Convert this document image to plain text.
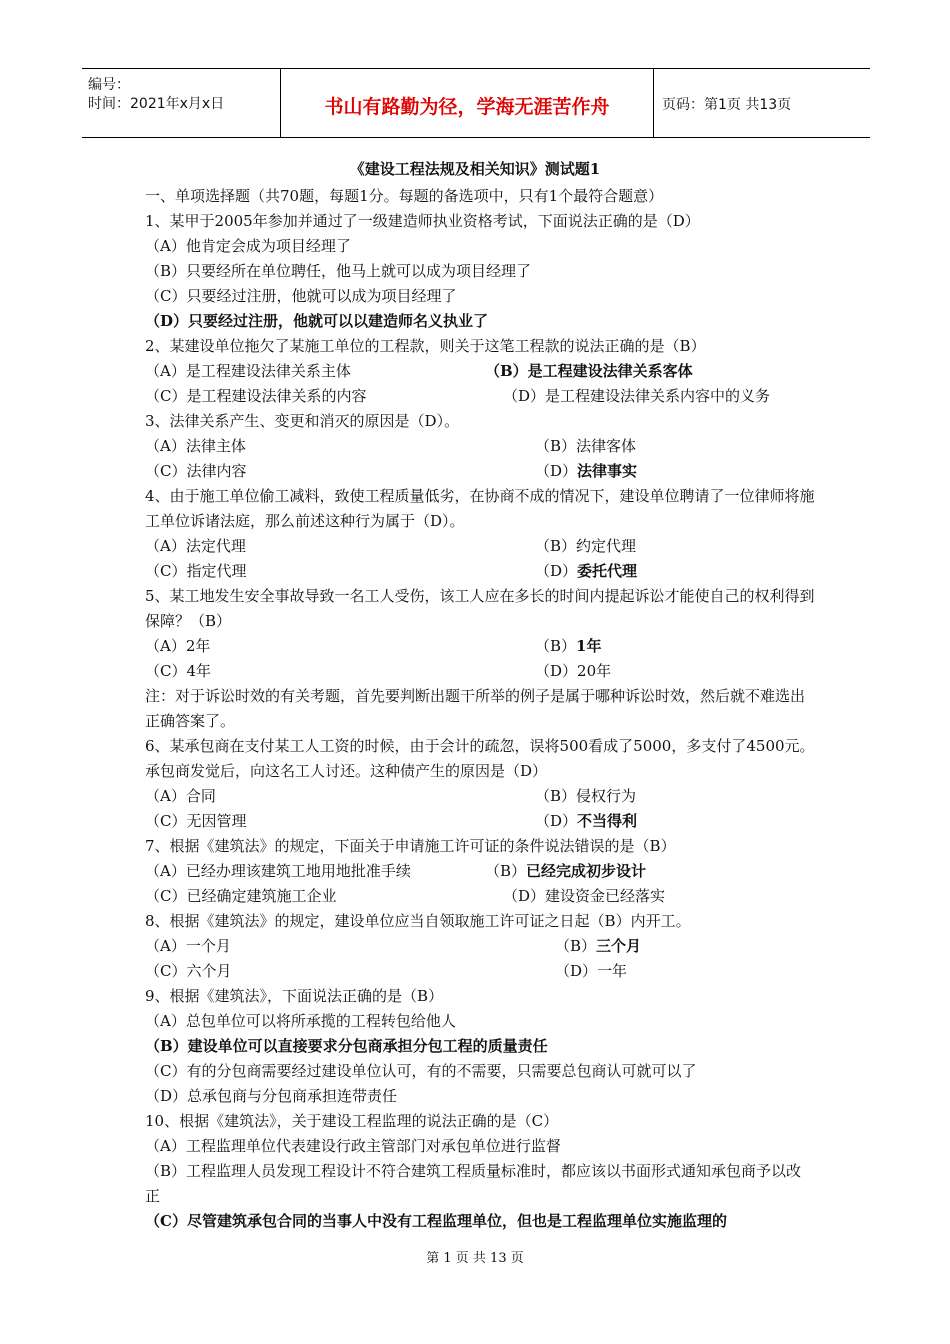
编号：
时间：2021年x月x日	书山有路勤为径，学海无涯苦作舟	页码：第1页 共13页
《建设工程法规及相关知识》测试题1
一、单项选择题（共70题，每题1分。每题的备选项中，只有1个最符合题意）
1、某甲于2005年参加并通过了一级建造师执业资格考试，下面说法正确的是（D）
（A）他肯定会成为项目经理了
（B）只要经所在单位聘任，他马上就可以成为项目经理了
（C）只要经过注册，他就可以成为项目经理了
（D）只要经过注册，他就可以以建造师名义执业了
2、某建设单位拖欠了某施工单位的工程款，则关于这笔工程款的说法正确的是（B）
（A）是工程建设法律关系主体	（B）是工程建设法律关系客体
（C）是工程建设法律关系的内容	（D）是工程建设法律关系内容中的义务
3、法律关系产生、变更和消灭的原因是（D）。
（A）法律主体	（B）法律客体
（C）法律内容	（D）法律事实
4、由于施工单位偷工减料，致使工程质量低劣，在协商不成的情况下，建设单位聘请了一位律师将施工单位诉诸法庭，那么前述这种行为属于（D）。
（A）法定代理	（B）约定代理
（C）指定代理	（D）委托代理
5、某工地发生安全事故导致一名工人受伤，该工人应在多长的时间内提起诉讼才能使自己的权利得到保障？（B）
（A）2年	（B）1年
（C）4年	（D）20年
注：对于诉讼时效的有关考题，首先要判断出题干所举的例子是属于哪种诉讼时效，然后就不难选出正确答案了。
6、某承包商在支付某工人工资的时候，由于会计的疏忽，误将500看成了5000，多支付了4500元。承包商发觉后，向这名工人讨还。这种债产生的原因是（D）
（A）合同	（B）侵权行为
（C）无因管理	（D）不当得利
7、根据《建筑法》的规定，下面关于申请施工许可证的条件说法错误的是（B）
（A）已经办理该建筑工地用地批准手续	（B）已经完成初步设计
（C）已经确定建筑施工企业	（D）建设资金已经落实
8、根据《建筑法》的规定，建设单位应当自领取施工许可证之日起（B）内开工。
（A）一个月	（B）三个月
（C）六个月	（D）一年
9、根据《建筑法》，下面说法正确的是（B）
（A）总包单位可以将所承揽的工程转包给他人
（B）建设单位可以直接要求分包商承担分包工程的质量责任
（C）有的分包商需要经过建设单位认可，有的不需要，只需要总包商认可就可以了
（D）总承包商与分包商承担连带责任
10、根据《建筑法》，关于建设工程监理的说法正确的是（C）
（A）工程监理单位代表建设行政主管部门对承包单位进行监督
（B）工程监理人员发现工程设计不符合建筑工程质量标准时，都应该以书面形式通知承包商予以改正
（C）尽管建筑承包合同的当事人中没有工程监理单位，但也是工程监理单位实施监理的
第 1 页 共 13 页
